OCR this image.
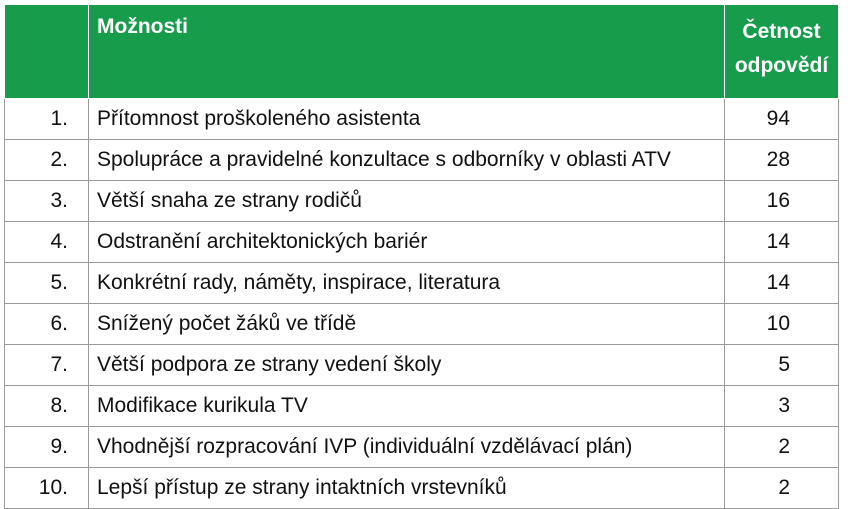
	Možnosti	Četnost
odpovědí

1.	Přítomnost proškoleného asistenta	94
2.	Spolupráce a pravidelné konzultace s odborníky v oblasti ATV	28
3.	Větší snaha ze strany rodičů	16
4.	Odstranění architektonických bariér	14
5.	Konkrétní rady, náměty, inspirace, literatura	14
6.	Snížený počet žáků ve třídě	10
7.	Větší podpora ze strany vedení školy	5
8.	Modifikace kurikula TV	3
9.	Vhodnější rozpracování IVP (individuální vzdělávací plán)	2
10.	Lepší přístup ze strany intaktních vrstevníků	2
